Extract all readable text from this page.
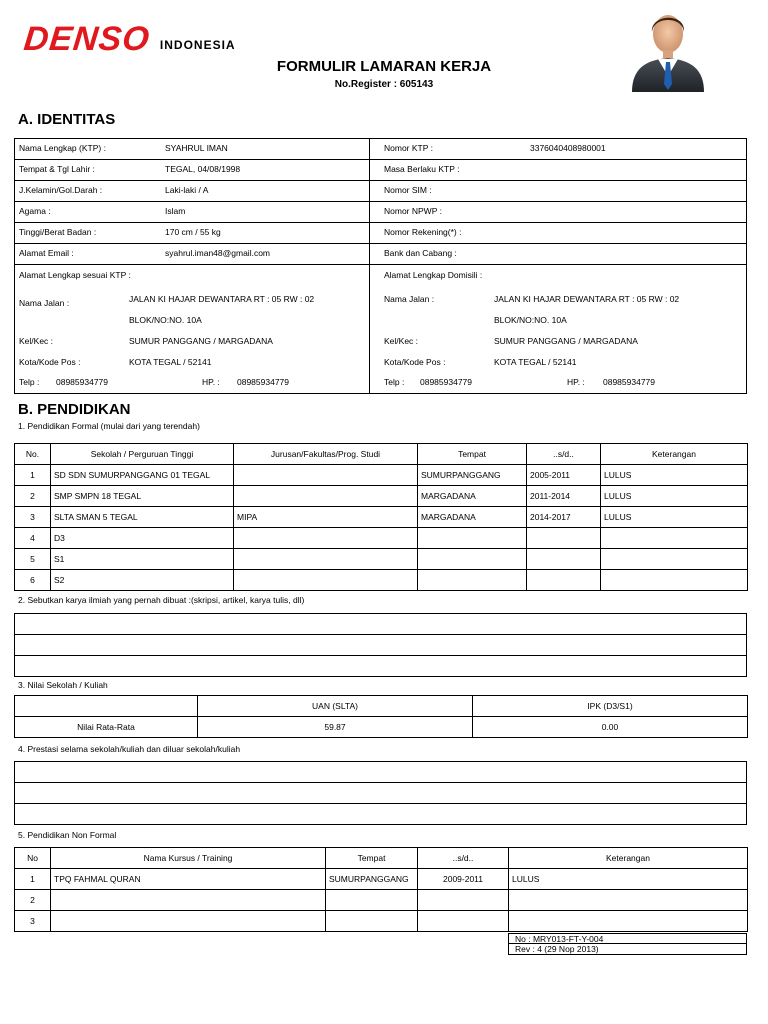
DENSO INDONESIA
FORMULIR LAMARAN KERJA
No.Register : 605143
A. IDENTITAS
Nama Lengkap (KTP) :	SYAHRUL IMAN
Tempat & Tgl Lahir :	TEGAL, 04/08/1998
J.Kelamin/Gol.Darah :	Laki-laki / A
Agama :	Islam
Tinggi/Berat Badan :	170 cm / 55 kg
Alamat Email :	syahrul.iman48@gmail.com
Nomor KTP :	3376040408980001
Masa Berlaku KTP :
Nomor SIM :
Nomor NPWP :
Nomor Rekening(*) :
Bank dan Cabang :
Alamat Lengkap sesuai KTP :
Nama Jalan :	JALAN KI HAJAR DEWANTARA RT : 05 RW : 02
BLOK/NO:NO. 10A
Kel/Kec :	SUMUR PANGGANG / MARGADANA
Kota/Kode Pos :	KOTA TEGAL / 52141
Telp : 08985934779	HP. : 08985934779
Alamat Lengkap Domisili :
Nama Jalan :	JALAN KI HAJAR DEWANTARA RT : 05 RW : 02
BLOK/NO:NO. 10A
Kel/Kec :	SUMUR PANGGANG / MARGADANA
Kota/Kode Pos :	KOTA TEGAL / 52141
Telp : 08985934779	HP. : 08985934779
B. PENDIDIKAN
1. Pendidikan Formal (mulai dari yang terendah)
No.	Sekolah / Perguruan Tinggi	Jurusan/Fakultas/Prog. Studi	Tempat	..s/d..	Keterangan
1	SD SDN SUMURPANGGANG 01 TEGAL		SUMURPANGGANG	2005-2011	LULUS
2	SMP SMPN 18 TEGAL		MARGADANA	2011-2014	LULUS
3	SLTA SMAN 5 TEGAL	MIPA	MARGADANA	2014-2017	LULUS
4	D3				
5	S1				
6	S2				
2. Sebutkan karya ilmiah yang pernah dibuat :(skripsi, artikel, karya tulis, dll)

3. Nilai Sekolah / Kuliah
	UAN (SLTA)	IPK (D3/S1)
Nilai Rata-Rata	59.87	0.00
4. Prestasi selama sekolah/kuliah dan diluar sekolah/kuliah

5. Pendidikan Non Formal
No	Nama Kursus / Training	Tempat	..s/d..	Keterangan
1	TPQ FAHMAL QURAN	SUMURPANGGANG	2009-2011	LULUS
2				
3				
No : MRY013-FT-Y-004
Rev : 4 (29 Nop 2013)
